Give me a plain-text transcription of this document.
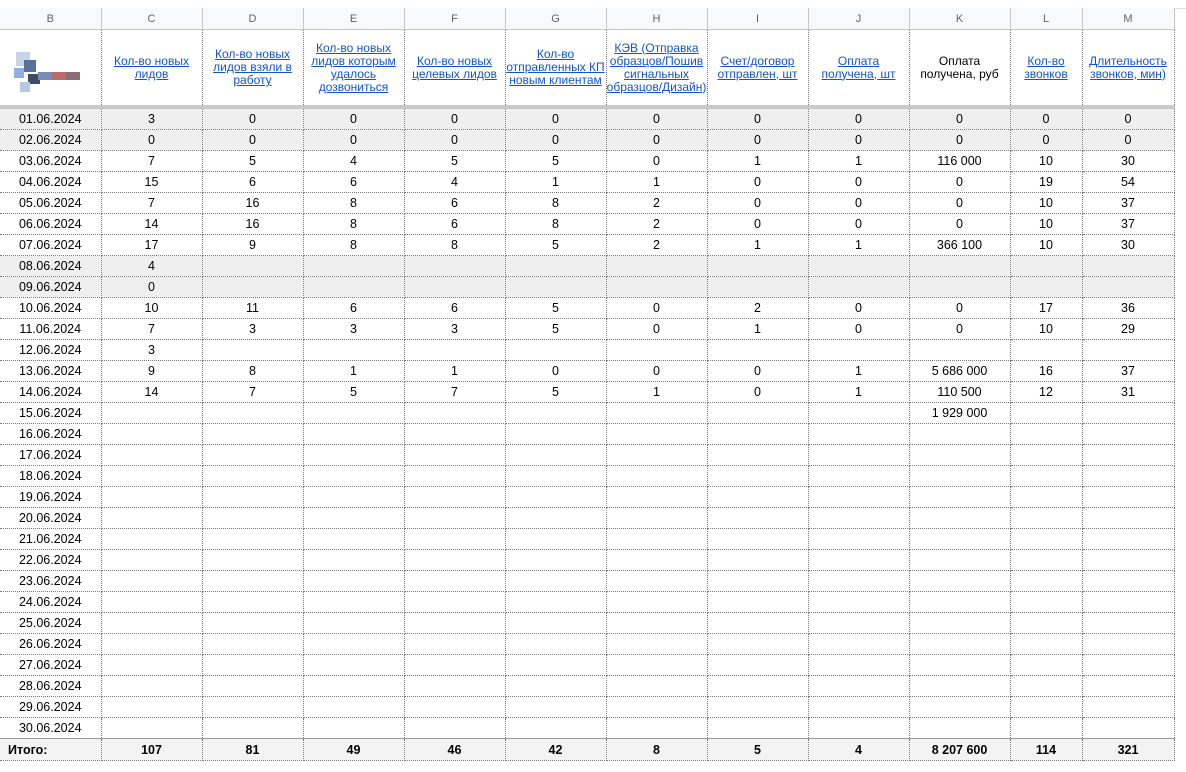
B	C	D	E	F	G	H	I	J	K	L	M

	Кол-во новых лидов	Кол-во новых лидов взяли в работу	Кол-во новых лидов которым удалось дозвониться	Кол-во новых целевых лидов	Кол-во отправленных КП новым клиентам	КЭВ (Отправка образцов/Пошив сигнальных образцов/Дизайн)	Счет/договор отправлен, шт	Оплата получена, шт	Оплата получена, руб	Кол-во звонков	Длительность звонков, мин)
01.06.2024	3	0	0	0	0	0	0	0	0	0	0
02.06.2024	0	0	0	0	0	0	0	0	0	0	0
03.06.2024	7	5	4	5	5	0	1	1	116 000	10	30
04.06.2024	15	6	6	4	1	1	0	0	0	19	54
05.06.2024	7	16	8	6	8	2	0	0	0	10	37
06.06.2024	14	16	8	6	8	2	0	0	0	10	37
07.06.2024	17	9	8	8	5	2	1	1	366 100	10	30
08.06.2024	4										
09.06.2024	0										
10.06.2024	10	11	6	6	5	0	2	0	0	17	36
11.06.2024	7	3	3	3	5	0	1	0	0	10	29
12.06.2024	3										
13.06.2024	9	8	1	1	0	0	0	1	5 686 000	16	37
14.06.2024	14	7	5	7	5	1	0	1	110 500	12	31
15.06.2024									1 929 000		
16.06.2024											
17.06.2024											
18.06.2024											
19.06.2024											
20.06.2024											
21.06.2024											
22.06.2024											
23.06.2024											
24.06.2024											
25.06.2024											
26.06.2024											
27.06.2024											
28.06.2024											
29.06.2024											
30.06.2024											
Итого:	107	81	49	46	42	8	5	4	8 207 600	114	321
